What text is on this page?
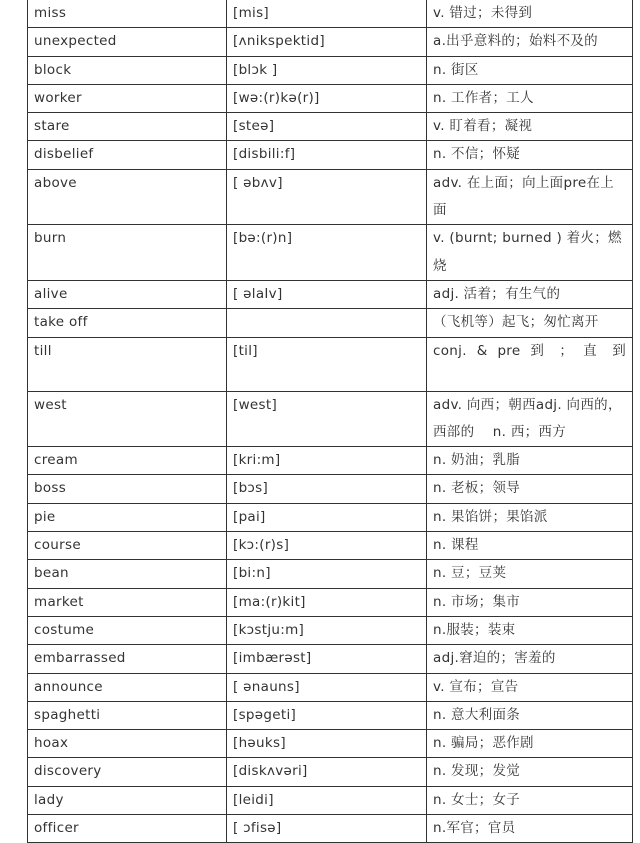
miss	[mis]	v. 错过；未得到
unexpected	[ʌnikspektid]	a.出乎意料的；始料不及的
block	[blɔk ]	n. 街区
worker	[wə:(r)kə(r)]	n. 工作者；工人
stare	[steə]	v. 盯着看；凝视
disbelief	[disbili:f]	n. 不信；怀疑
above	[ əbʌv]	adv. 在上面；向上面pre在上面
burn	[bə:(r)n]	v. (burnt; burned ) 着火；燃烧
alive	[ əlaIv]	adj. 活着；有生气的
take off		（飞机等）起飞；匆忙离开
till	[til]	conj. & pre 到 ； 直 到
west	[west]	adv. 向西；朝西adj. 向西的，西部的　 n. 西；西方
cream	[kri:m]	n. 奶油；乳脂
boss	[bɔs]	n. 老板；领导
pie	[pai]	n. 果馅饼；果馅派
course	[kɔ:(r)s]	n. 课程
bean	[bi:n]	n. 豆；豆荚
market	[ma:(r)kit]	n. 市场；集市
costume	[kɔstju:m]	n.服装；装束
embarrassed	[imbærəst]	adj.窘迫的；害羞的
announce	[ ənauns]	v. 宣布；宣告
spaghetti	[spəgeti]	n. 意大利面条
hoax	[həuks]	n. 骗局；恶作剧
discovery	[diskʌvəri]	n. 发现；发觉
lady	[leidi]	n. 女士；女子
officer	[ ɔfisə]	n.军官；官员
